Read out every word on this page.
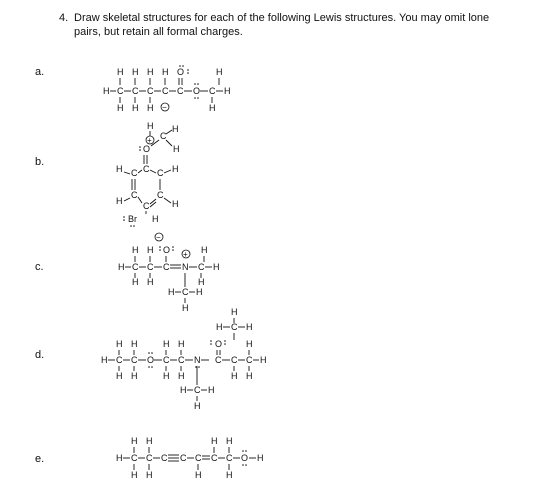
4. Draw skeletal structures for each of the following Lewis structures. You may omit lone pairs, but retain all formal charges.
a.
b.
c.
d.
e.
H H H H	H
O
H C C C C C O C H
H H H	H
−
H
+ C
H
H
O
H C C C H
H
C
C
C
H
Br H
−
H H O	H
+
H C C C N C H
H H	H
H C H
H	H
H C H
H H	H H	O	H
H C C O C C N C C C H
H H	H H	H H
H C H
H
H H	H H
H C C C C C C C O H
H H	H	H
